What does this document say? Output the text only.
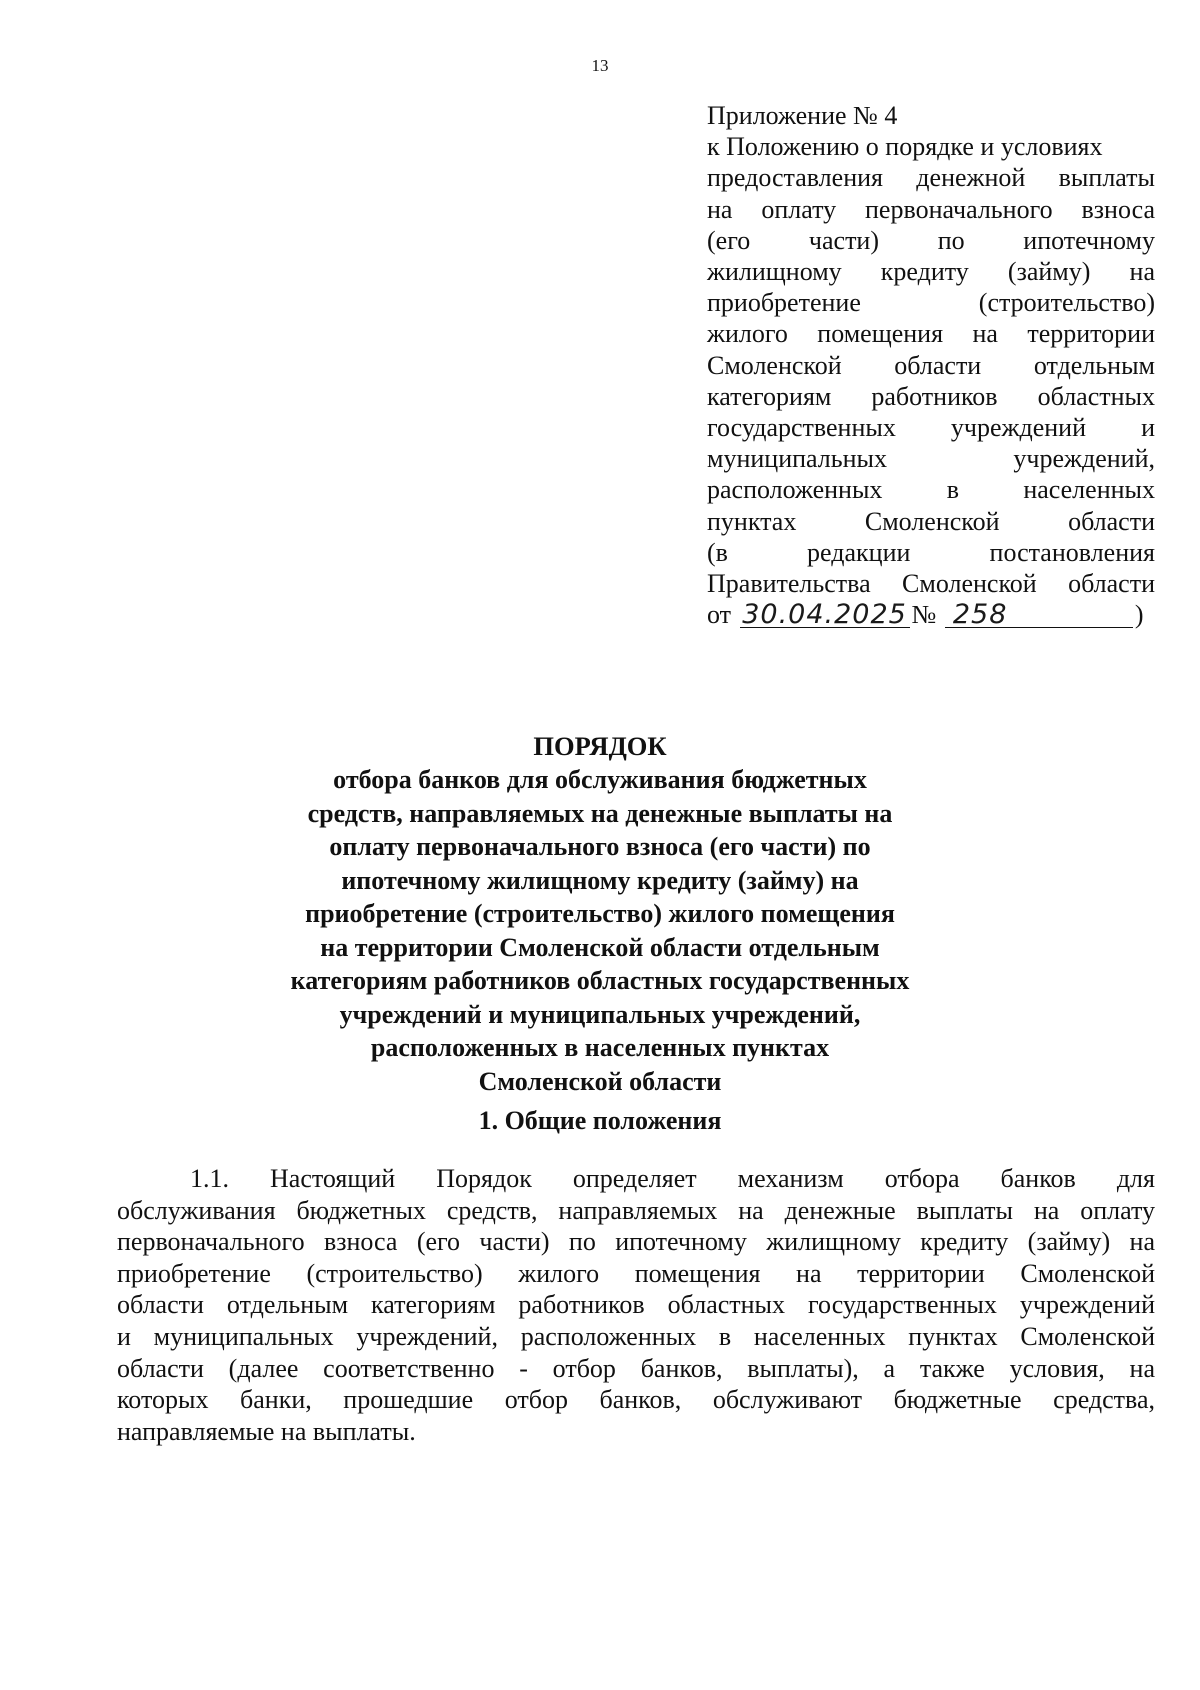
13
Приложение № 4
к Положению о порядке и условиях
предоставления денежной выплаты
на оплату первоначального взноса
(его части) по ипотечному
жилищному кредиту (займу) на
приобретение (строительство)
жилого помещения на территории
Смоленской области отдельным
категориям работников областных
государственных учреждений и
муниципальных учреждений,
расположенных в населенных
пунктах Смоленской области
(в редакции постановления
Правительства Смоленской области
от 30.04.2025 № 258	)
ПОРЯДОК
отбора банков для обслуживания бюджетных
средств, направляемых на денежные выплаты на
оплату первоначального взноса (его части) по
ипотечному жилищному кредиту (займу) на
приобретение (строительство) жилого помещения
на территории Смоленской области отдельным
категориям работников областных государственных
учреждений и муниципальных учреждений,
расположенных в населенных пунктах
Смоленской области
1. Общие положения
1.1. Настоящий Порядок определяет механизм отбора банков для
обслуживания бюджетных средств, направляемых на денежные выплаты на оплату
первоначального взноса (его части) по ипотечному жилищному кредиту (займу) на
приобретение (строительство) жилого помещения на территории Смоленской
области отдельным категориям работников областных государственных учреждений
и муниципальных учреждений, расположенных в населенных пунктах Смоленской
области (далее соответственно - отбор банков, выплаты), а также условия, на
которых банки, прошедшие отбор банков, обслуживают бюджетные средства,
направляемые на выплаты.
